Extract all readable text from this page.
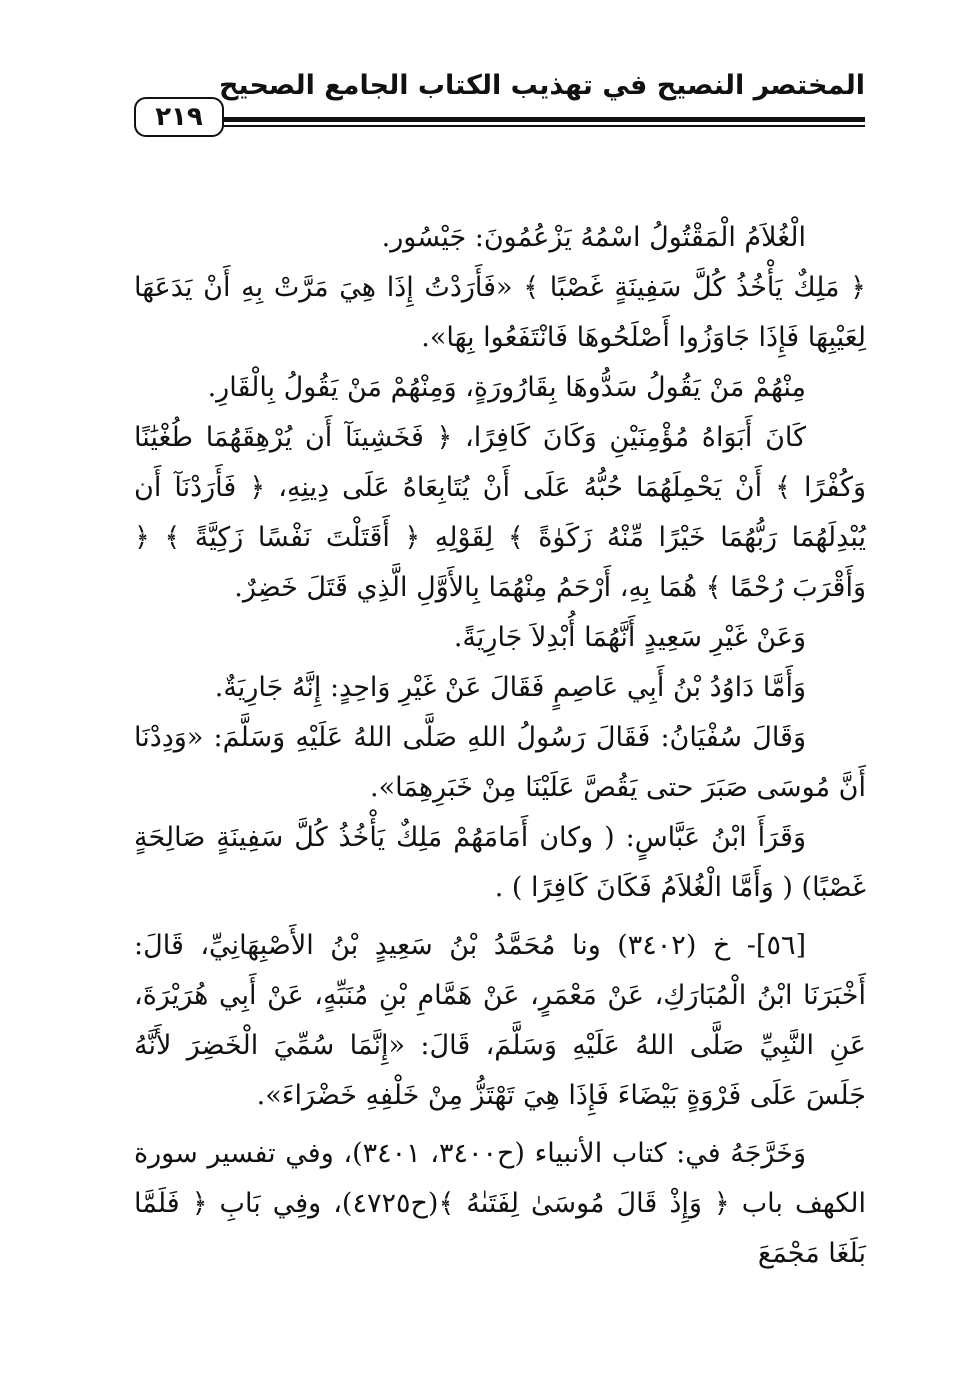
المختصر النصيح في تهذيب الكتاب الجامع الصحيح
٢١٩

الْغُلاَمُ الْمَقْتُولُ اسْمُهُ يَزْعُمُونَ: جَيْسُور.

﴿ مَلِكٌ يَأْخُذُ كُلَّ سَفِينَةٍ غَصْبًا ﴾ «فَأَرَدْتُ إِذَا هِيَ مَرَّتْ بِهِ أَنْ يَدَعَهَا لِعَيْبِهَا فَإِذَا جَاوَزُوا أَصْلَحُوهَا فَانْتَفَعُوا بِهَا».

مِنْهُمْ مَنْ يَقُولُ سَدُّوهَا بِقَارُورَةٍ، وَمِنْهُمْ مَنْ يَقُولُ بِالْقَارِ.

كَانَ أَبَوَاهُ مُؤْمِنَيْنِ وَكَانَ كَافِرًا، ﴿ فَخَشِينَآ أَن يُرْهِقَهُمَا طُغْيَٰنًا وَكُفْرًا ﴾ أَنْ يَحْمِلَهُمَا حُبُّهُ عَلَى أَنْ يُتَابِعَاهُ عَلَى دِينِهِ، ﴿ فَأَرَدْنَآ أَن يُبْدِلَهُمَا رَبُّهُمَا خَيْرًا مِّنْهُ زَكَوٰةً ﴾ لِقَوْلِهِ ﴿ أَقَتَلْتَ نَفْسًا زَكِيَّةً ﴾ ﴿ وَأَقْرَبَ رُحْمًا ﴾ هُمَا بِهِ، أَرْحَمُ مِنْهُمَا بِالأَوَّلِ الَّذِي قَتَلَ خَضِرٌ.

وَعَنْ غَيْرِ سَعِيدٍ أَنَّهُمَا أُبْدِلاَ جَارِيَةً.

وَأَمَّا دَاوُدُ بْنُ أَبِي عَاصِمٍ فَقَالَ عَنْ غَيْرِ وَاحِدٍ: إِنَّهُ جَارِيَةٌ.

وَقَالَ سُفْيَانُ: فَقَالَ رَسُولُ اللهِ صَلَّى اللهُ عَلَيْهِ وَسَلَّمَ: «وَدِدْنَا أَنَّ مُوسَى صَبَرَ حتى يَقُصَّ عَلَيْنَا مِنْ خَبَرِهِمَا».

وَقَرَأَ ابْنُ عَبَّاسٍ: ( وكان أَمَامَهُمْ مَلِكٌ يَأْخُذُ كُلَّ سَفِينَةٍ صَالِحَةٍ غَصْبًا) ( وَأَمَّا الْغُلاَمُ فَكَانَ كَافِرًا ) .

[٥٦]- خ (٣٤٠٢) ونا مُحَمَّدُ بْنُ سَعِيدٍ بْنُ الأَصْبِهَانِيِّ، قَالَ: أَخْبَرَنَا ابْنُ الْمُبَارَكِ، عَنْ مَعْمَرٍ، عَنْ هَمَّامِ بْنِ مُنَبِّهٍ، عَنْ أَبِي هُرَيْرَةَ، عَنِ النَّبِيِّ صَلَّى اللهُ عَلَيْهِ وَسَلَّمَ، قَالَ: «إِنَّمَا سُمِّيَ الْخَضِرَ لأَنَّهُ جَلَسَ عَلَى فَرْوَةٍ بَيْضَاءَ فَإِذَا هِيَ تَهْتَزُّ مِنْ خَلْفِهِ خَضْرَاءَ».

وَخَرَّجَهُ في: كتاب الأنبياء (ح٣٤٠٠، ٣٤٠١)، وفي تفسير سورة الكهف باب ﴿ وَإِذْ قَالَ مُوسَىٰ لِفَتَىٰهُ ﴾(ح٤٧٢٥)، وفِي بَابِ ﴿ فَلَمَّا بَلَغَا مَجْمَعَ
